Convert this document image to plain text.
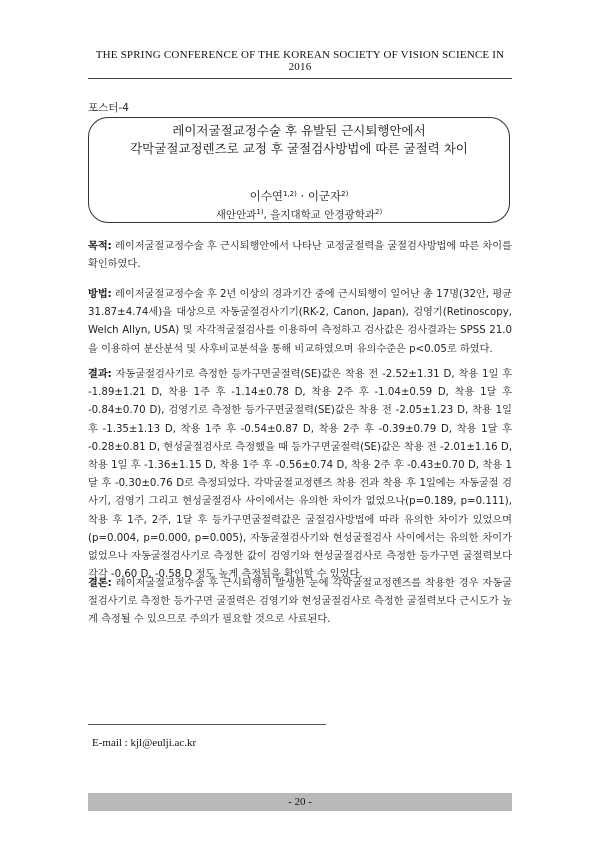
THE SPRING CONFERENCE OF THE KOREAN SOCIETY OF VISION SCIENCE IN 2016
포스터-4
레이저굴절교정수술 후 유발된 근시퇴행안에서
각막굴절교정렌즈로 교정 후 굴절검사방법에 따른 굴절력 차이
이수연$^{1,2)}$ · 이군자$^{2)}$
새안안과$^{1)}$, 을지대학교 안경광학과$^{2)}$
목적: 레이저굴절교정수술 후 근시퇴행안에서 나타난 교정굴절력을 굴절검사방법에 따른 차이를 확인하였다.
방법: 레이저굴절교정수술 후 2년 이상의 경과기간 중에 근시퇴행이 일어난 총 17명(32안, 평균 31.87±4.74세)을 대상으로 자동굴절검사기기(RK-2, Canon, Japan), 검영기(Retinoscopy, Welch Allyn, USA) 및 자각적굴절검사를 이용하여 측정하고 검사값은 검사결과는 SPSS 21.0을 이용하여 분산분석 및 사후비교분석을 통해 비교하였으며 유의수준은 p<0.05로 하였다.
결과: 자동굴절검사기로 측정한 등가구면굴절력(SE)값은 착용 전 -2.52±1.31 D, 착용 1일 후 -1.89±1.21 D, 착용 1주 후 -1.14±0.78 D, 착용 2주 후 -1.04±0.59 D, 착용 1달 후 -0.84±0.70 D), 검영기로 측정한 등가구면굴절력(SE)값은 착용 전 -2.05±1.23 D, 착용 1일 후 -1.35±1.13 D, 착용 1주 후 -0.54±0.87 D, 착용 2주 후 -0.39±0.79 D, 착용 1달 후 -0.28±0.81 D, 현성굴절검사로 측정했을 때 등가구면굴절력(SE)값은 착용 전 -2.01±1.16 D, 착용 1일 후 -1.36±1.15 D, 착용 1주 후 -0.56±0.74 D, 착용 2주 후 -0.43±0.70 D, 착용 1달 후 -0.30±0.76 D로 측정되었다. 각막굴절교정렌즈 착용 전과 착용 후 1일에는 자동굴절 검사기, 검영기 그리고 현성굴절검사 사이에서는 유의한 차이가 없었으나(p=0.189, p=0.111), 착용 후 1주, 2주, 1달 후 등가구면굴절력값은 굴절검사방법에 따라 유의한 차이가 있었으며(p=0.004, p=0.000, p=0.005), 자동굴절검사기와 현성굴절검사 사이에서는 유의한 차이가 없었으나 자동굴절검사기로 측정한 값이 검영기와 현성굴절검사로 측정한 등가구면 굴절력보다 각각 -0.60 D, -0.58 D 정도 높게 측정됨을 확인할 수 있었다.
결론: 레이저굴절교정수술 후 근시퇴행이 발생한 눈에 각막굴절교정렌즈를 착용한 경우 자동굴절검사기로 측정한 등가구면 굴절력은 검영기와 현성굴절검사로 측정한 굴절력보다 근시도가 높게 측정될 수 있으므로 주의가 필요할 것으로 사료된다.
E-mail : kjl@eulji.ac.kr
- 20 -
